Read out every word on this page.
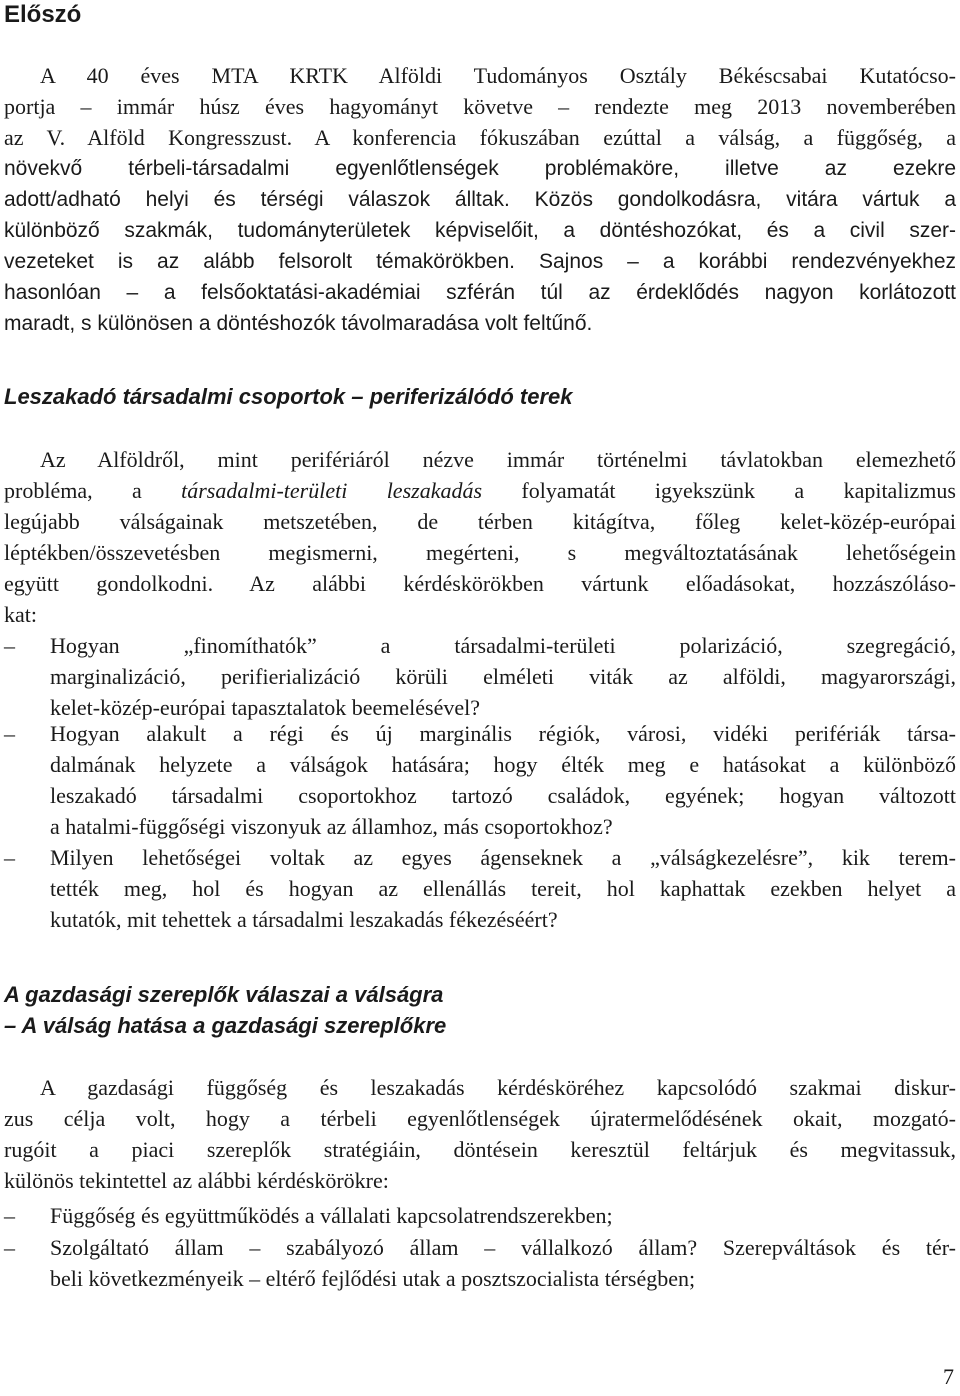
Előszó
A 40 éves MTA KRTK Alföldi Tudományos Osztály Békéscsabai Kutatócso-
portja – immár húsz éves hagyományt követve – rendezte meg 2013 novemberében
az V. Alföld Kongresszust. A konferencia fókuszában ezúttal a válság, a függőség, a
növekvő térbeli-társadalmi egyenlőtlenségek problémaköre, illetve az ezekre
adott/adható helyi és térségi válaszok álltak. Közös gondolkodásra, vitára vártuk a
különböző szakmák, tudományterületek képviselőit, a döntéshozókat, és a civil szer-
vezeteket is az alább felsorolt témakörökben. Sajnos – a korábbi rendezvényekhez
hasonlóan – a felsőoktatási-akadémiai szférán túl az érdeklődés nagyon korlátozott
maradt, s különösen a döntéshozók távolmaradása volt feltűnő.
Leszakadó társadalmi csoportok – periferizálódó terek
Az Alföldről, mint perifériáról nézve immár történelmi távlatokban elemezhető
probléma, a társadalmi-területi leszakadás folyamatát igyekszünk a kapitalizmus
legújabb válságainak metszetében, de térben kitágítva, főleg kelet-közép-európai
léptékben/összevetésben megismerni, megérteni, s megváltoztatásának lehetőségein
együtt gondolkodni. Az alábbi kérdéskörökben vártunk előadásokat, hozzászóláso-
kat:
–	Hogyan „finomíthatók” a társadalmi-területi polarizáció, szegregáció,
marginalizáció, perifierializáció körüli elméleti viták az alföldi, magyarországi,
kelet-közép-európai tapasztalatok beemelésével?
–	Hogyan alakult a régi és új marginális régiók, városi, vidéki perifériák társa-
dalmának helyzete a válságok hatására; hogy élték meg e hatásokat a különböző
leszakadó társadalmi csoportokhoz tartozó családok, egyének; hogyan változott
a hatalmi-függőségi viszonyuk az államhoz, más csoportokhoz?
–	Milyen lehetőségei voltak az egyes ágenseknek a „válságkezelésre”, kik terem-
tették meg, hol és hogyan az ellenállás tereit, hol kaphattak ezekben helyet a
kutatók, mit tehettek a társadalmi leszakadás fékezéséért?
A gazdasági szereplők válaszai a válságra
– A válság hatása a gazdasági szereplőkre
A gazdasági függőség és leszakadás kérdésköréhez kapcsolódó szakmai diskur-
zus célja volt, hogy a térbeli egyenlőtlenségek újratermelődésének okait, mozgató-
rugóit a piaci szereplők stratégiáin, döntésein keresztül feltárjuk és megvitassuk,
különös tekintettel az alábbi kérdéskörökre:
–	Függőség és együttműködés a vállalati kapcsolatrendszerekben;
–	Szolgáltató állam – szabályozó állam – vállalkozó állam? Szerepváltások és tér-
beli következményeik – eltérő fejlődési utak a posztszocialista térségben;
7
